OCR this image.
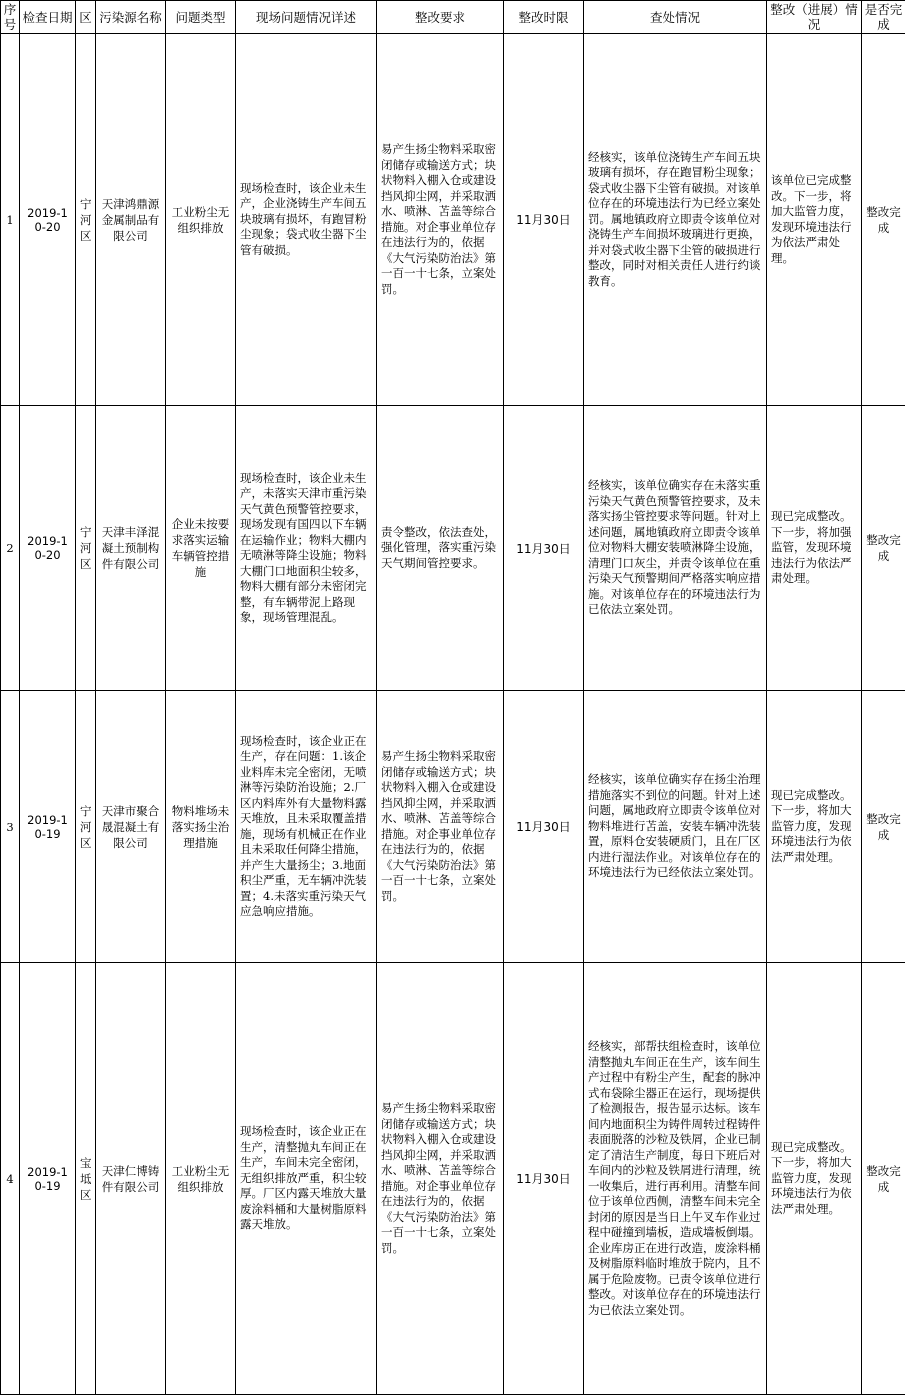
序号	检查日期	区	污染源名称	问题类型	现场问题情况详述	整改要求	整改时限	查处情况	整改（进展）情况	是否完成
1	2019-10-20	宁河区	天津鸿鼎源金属制品有限公司	工业粉尘无组织排放	现场检查时，该企业未生产，企业浇铸生产车间五块玻璃有损坏，有跑冒粉尘现象；袋式收尘器下尘管有破损。	易产生扬尘物料采取密闭储存或输送方式；块状物料入棚入仓或建设挡风抑尘网，并采取洒水、喷淋、苫盖等综合措施。对企事业单位存在违法行为的，依据《大气污染防治法》第一百一十七条，立案处罚。	11月30日	经核实，该单位浇铸生产车间五块玻璃有损坏，存在跑冒粉尘现象；袋式收尘器下尘管有破损。对该单位存在的环境违法行为已经立案处罚。属地镇政府立即责令该单位对浇铸生产车间损坏玻璃进行更换，并对袋式收尘器下尘管的破损进行整改，同时对相关责任人进行约谈教育。	该单位已完成整改。下一步，将加大监管力度，发现环境违法行为依法严肃处理。	整改完成
2	2019-10-20	宁河区	天津丰泽混凝土预制构件有限公司	企业未按要求落实运输车辆管控措施	现场检查时，该企业未生产，未落实天津市重污染天气黄色预警管控要求，现场发现有国四以下车辆在运输作业；物料大棚内无喷淋等降尘设施；物料大棚门口地面积尘较多，物料大棚有部分未密闭完整，有车辆带泥上路现象，现场管理混乱。	责令整改，依法查处，强化管理，落实重污染天气期间管控要求。	11月30日	经核实，该单位确实存在未落实重污染天气黄色预警管控要求，及未落实扬尘管控要求等问题。针对上述问题，属地镇政府立即责令该单位对物料大棚安装喷淋降尘设施，清理门口灰尘，并责令该单位在重污染天气预警期间严格落实响应措施。对该单位存在的环境违法行为已依法立案处罚。	现已完成整改。下一步，将加强监管，发现环境违法行为依法严肃处理。	整改完成
3	2019-10-19	宁河区	天津市聚合晟混凝土有限公司	物料堆场未落实扬尘治理措施	现场检查时，该企业正在生产，存在问题：1.该企业料库未完全密闭，无喷淋等污染防治设施；2.厂区内料库外有大量物料露天堆放，且未采取覆盖措施，现场有机械正在作业且未采取任何降尘措施，并产生大量扬尘；3.地面积尘严重，无车辆冲洗装置；4.未落实重污染天气应急响应措施。	易产生扬尘物料采取密闭储存或输送方式；块状物料入棚入仓或建设挡风抑尘网，并采取洒水、喷淋、苫盖等综合措施。对企事业单位存在违法行为的，依据《大气污染防治法》第一百一十七条，立案处罚。	11月30日	经核实，该单位确实存在扬尘治理措施落实不到位的问题。针对上述问题，属地政府立即责令该单位对物料堆进行苫盖，安装车辆冲洗装置，原料仓安装硬质门，且在厂区内进行湿法作业。对该单位存在的环境违法行为已经依法立案处罚。	现已完成整改。下一步，将加大监管力度，发现环境违法行为依法严肃处理。	整改完成
4	2019-10-19	宝坻区	天津仁博铸件有限公司	工业粉尘无组织排放	现场检查时，该企业正在生产，清整抛丸车间正在生产，车间未完全密闭，无组织排放严重，积尘较厚。厂区内露天堆放大量废涂料桶和大量树脂原料露天堆放。	易产生扬尘物料采取密闭储存或输送方式；块状物料入棚入仓或建设挡风抑尘网，并采取洒水、喷淋、苫盖等综合措施。对企事业单位存在违法行为的，依据《大气污染防治法》第一百一十七条，立案处罚。	11月30日	经核实，部帮扶组检查时，该单位清整抛丸车间正在生产，该车间生产过程中有粉尘产生，配套的脉冲式布袋除尘器正在运行，现场提供了检测报告，报告显示达标。该车间内地面积尘为铸件周转过程铸件表面脱落的沙粒及铁屑，企业已制定了清洁生产制度，每日下班后对车间内的沙粒及铁屑进行清理，统一收集后，进行再利用。清整车间位于该单位西侧，清整车间未完全封闭的原因是当日上午叉车作业过程中碰撞到墙板，造成墙板倒塌。企业库房正在进行改造，废涂料桶及树脂原料临时堆放于院内，且不属于危险废物。已责令该单位进行整改。对该单位存在的环境违法行为已依法立案处罚。	现已完成整改。下一步，将加大监管力度，发现环境违法行为依法严肃处理。	整改完成
